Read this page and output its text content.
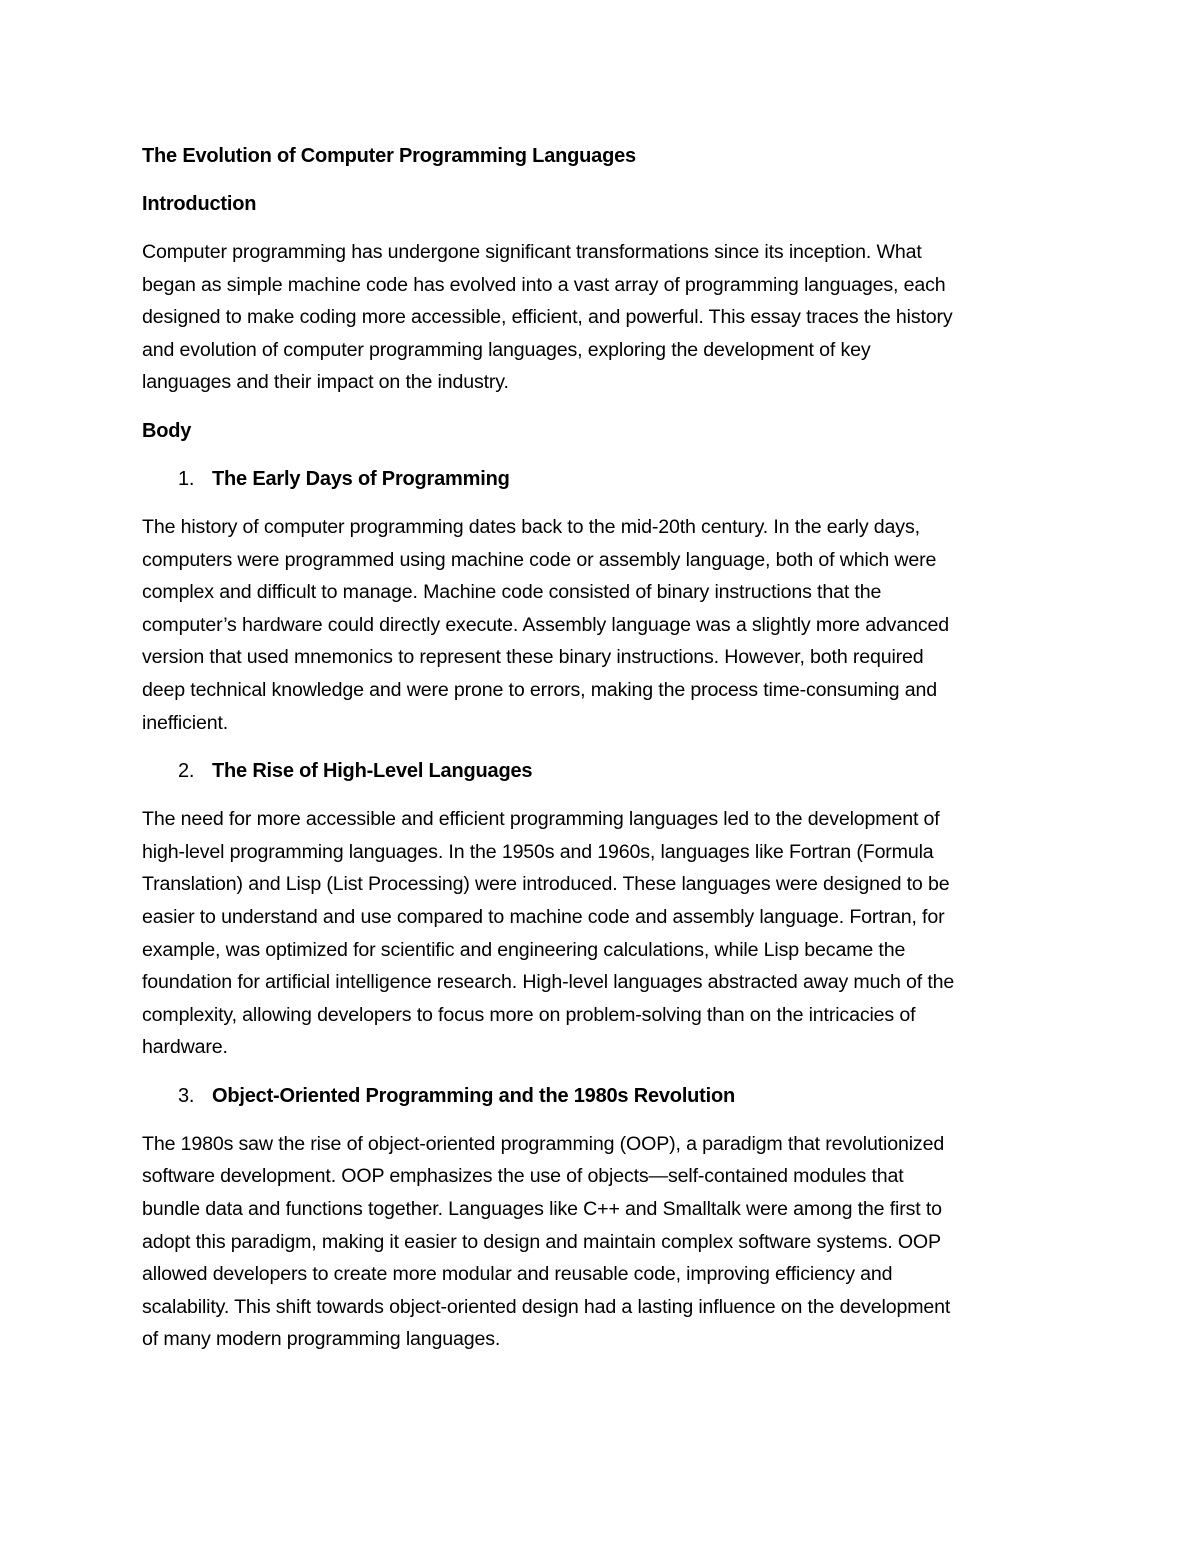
The Evolution of Computer Programming Languages
Introduction
Computer programming has undergone significant transformations since its inception. What
began as simple machine code has evolved into a vast array of programming languages, each
designed to make coding more accessible, efficient, and powerful. This essay traces the history
and evolution of computer programming languages, exploring the development of key
languages and their impact on the industry.
Body
1. The Early Days of Programming
The history of computer programming dates back to the mid-20th century. In the early days,
computers were programmed using machine code or assembly language, both of which were
complex and difficult to manage. Machine code consisted of binary instructions that the
computer’s hardware could directly execute. Assembly language was a slightly more advanced
version that used mnemonics to represent these binary instructions. However, both required
deep technical knowledge and were prone to errors, making the process time-consuming and
inefficient.
2. The Rise of High-Level Languages
The need for more accessible and efficient programming languages led to the development of
high-level programming languages. In the 1950s and 1960s, languages like Fortran (Formula
Translation) and Lisp (List Processing) were introduced. These languages were designed to be
easier to understand and use compared to machine code and assembly language. Fortran, for
example, was optimized for scientific and engineering calculations, while Lisp became the
foundation for artificial intelligence research. High-level languages abstracted away much of the
complexity, allowing developers to focus more on problem-solving than on the intricacies of
hardware.
3. Object-Oriented Programming and the 1980s Revolution
The 1980s saw the rise of object-oriented programming (OOP), a paradigm that revolutionized
software development. OOP emphasizes the use of objects—self-contained modules that
bundle data and functions together. Languages like C++ and Smalltalk were among the first to
adopt this paradigm, making it easier to design and maintain complex software systems. OOP
allowed developers to create more modular and reusable code, improving efficiency and
scalability. This shift towards object-oriented design had a lasting influence on the development
of many modern programming languages.
